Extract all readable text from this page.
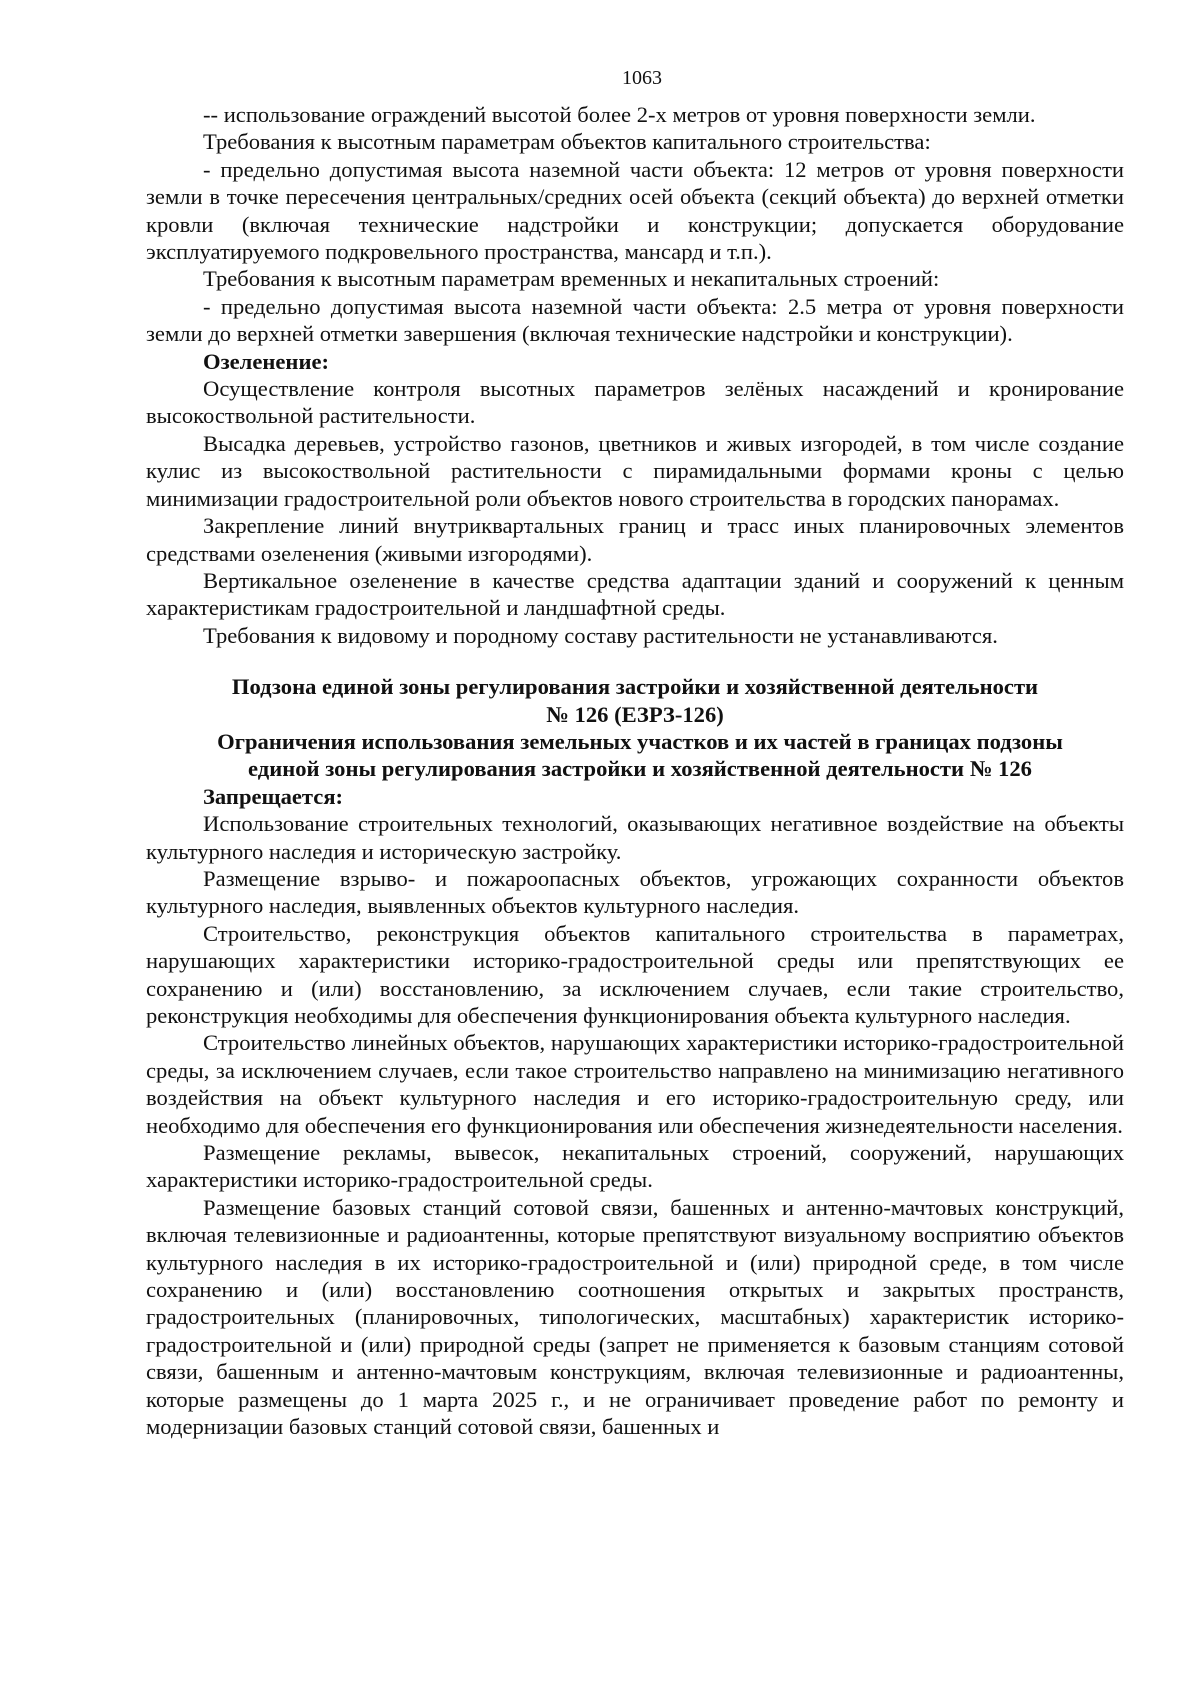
1063

-- использование ограждений высотой более 2-х метров от уровня поверхности земли.

Требования к высотным параметрам объектов капитального строительства:

- предельно допустимая высота наземной части объекта: 12 метров от уровня поверхности земли в точке пересечения центральных/средних осей объекта (секций объекта) до верхней отметки кровли (включая технические надстройки и конструкции; допускается оборудование эксплуатируемого подкровельного пространства, мансард и т.п.).

Требования к высотным параметрам временных и некапитальных строений:

- предельно допустимая высота наземной части объекта: 2.5 метра от уровня поверхности земли до верхней отметки завершения (включая технические надстройки и конструкции).

Озеленение:

Осуществление контроля высотных параметров зелёных насаждений и кронирование высокоствольной растительности.

Высадка деревьев, устройство газонов, цветников и живых изгородей, в том числе создание кулис из высокоствольной растительности с пирамидальными формами кроны с целью минимизации градостроительной роли объектов нового строительства в городских панорамах.

Закрепление линий внутриквартальных границ и трасс иных планировочных элементов средствами озеленения (живыми изгородями).

Вертикальное озеленение в качестве средства адаптации зданий и сооружений к ценным характеристикам градостроительной и ландшафтной среды.

Требования к видовому и породному составу растительности не устанавливаются.

Подзона единой зоны регулирования застройки и хозяйственной деятельности
№ 126 (ЕЗРЗ-126)
Ограничения использования земельных участков и их частей в границах подзоны единой зоны регулирования застройки и хозяйственной деятельности № 126
Запрещается:

Использование строительных технологий, оказывающих негативное воздействие на объекты культурного наследия и историческую застройку.

Размещение взрыво- и пожароопасных объектов, угрожающих сохранности объектов культурного наследия, выявленных объектов культурного наследия.

Строительство, реконструкция объектов капитального строительства в параметрах, нарушающих характеристики историко-градостроительной среды или препятствующих ее сохранению и (или) восстановлению, за исключением случаев, если такие строительство, реконструкция необходимы для обеспечения функционирования объекта культурного наследия.

Строительство линейных объектов, нарушающих характеристики историко-градостроительной среды, за исключением случаев, если такое строительство направлено на минимизацию негативного воздействия на объект культурного наследия и его историко-градостроительную среду, или необходимо для обеспечения его функционирования или обеспечения жизнедеятельности населения.

Размещение рекламы, вывесок, некапитальных строений, сооружений, нарушающих характеристики историко-градостроительной среды.

Размещение базовых станций сотовой связи, башенных и антенно-мачтовых конструкций, включая телевизионные и радиоантенны, которые препятствуют визуальному восприятию объектов культурного наследия в их историко-градостроительной и (или) природной среде, в том числе сохранению и (или) восстановлению соотношения открытых и закрытых пространств, градостроительных (планировочных, типологических, масштабных) характеристик историко-градостроительной и (или) природной среды (запрет не применяется к базовым станциям сотовой связи, башенным и антенно-мачтовым конструкциям, включая телевизионные и радиоантенны, которые размещены до 1 марта 2025 г., и не ограничивает проведение работ по ремонту и модернизации базовых станций сотовой связи, башенных и
